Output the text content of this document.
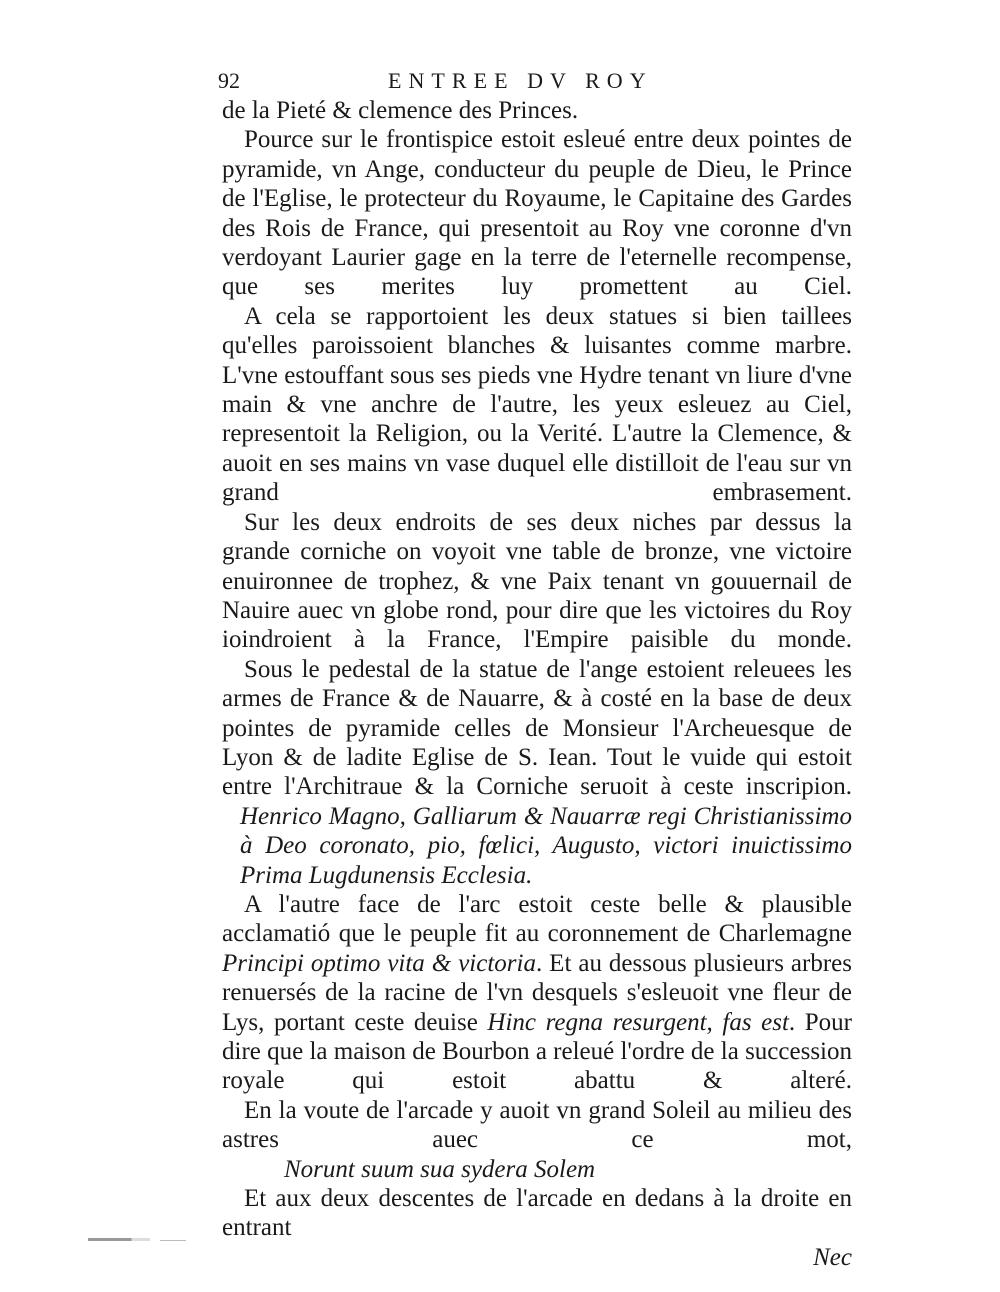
92	ENTREE DV ROY

de la Pieté & clemence des Princes.

Pource sur le frontispice estoit esleué entre deux pointes de pyramide, vn Ange, conducteur du peuple de Dieu, le Prince de l'Eglise, le protecteur du Royaume, le Capitaine des Gardes des Rois de France, qui presentoit au Roy vne coronne d'vn verdoyant Laurier gage en la terre de l'eternelle recompense, que ses merites luy promettent au Ciel.

A cela se rapportoient les deux statues si bien taillees qu'elles paroissoient blanches & luisantes comme marbre. L'vne estouffant sous ses pieds vne Hydre tenant vn liure d'vne main & vne anchre de l'autre, les yeux esleuez au Ciel, representoit la Religion, ou la Verité. L'autre la Clemence, & auoit en ses mains vn vase duquel elle distilloit de l'eau sur vn grand embrasement.

Sur les deux endroits de ses deux niches par dessus la grande corniche on voyoit vne table de bronze, vne victoire enuironnee de trophez, & vne Paix tenant vn gouuernail de Nauire auec vn globe rond, pour dire que les victoires du Roy ioindroient à la France, l'Empire paisible du monde.

Sous le pedestal de la statue de l'ange estoient releuees les armes de France & de Nauarre, & à costé en la base de deux pointes de pyramide celles de Monsieur l'Archeuesque de Lyon & de ladite Eglise de S. Iean. Tout le vuide qui estoit entre l'Architraue & la Corniche seruoit à ceste inscripion.

Henrico Magno, Galliarum & Nauarræ regi Christianissimo à Deo coronato, pio, fœlici, Augusto, victori inuictissimo Prima Lugdunensis Ecclesia.

A l'autre face de l'arc estoit ceste belle & plausible acclamatió que le peuple fit au coronnement de Charlemagne Principi optimo vita & victoria. Et au dessous plusieurs arbres renuersés de la racine de l'vn desquels s'esleuoit vne fleur de Lys, portant ceste deuise Hinc regna resurgent, fas est. Pour dire que la maison de Bourbon a releué l'ordre de la succession royale qui estoit abattu & alteré.

En la voute de l'arcade y auoit vn grand Soleil au milieu des astres auec ce mot,

Norunt suum sua sydera Solem

Et aux deux descentes de l'arcade en dedans à la droite en entrant

Nec
